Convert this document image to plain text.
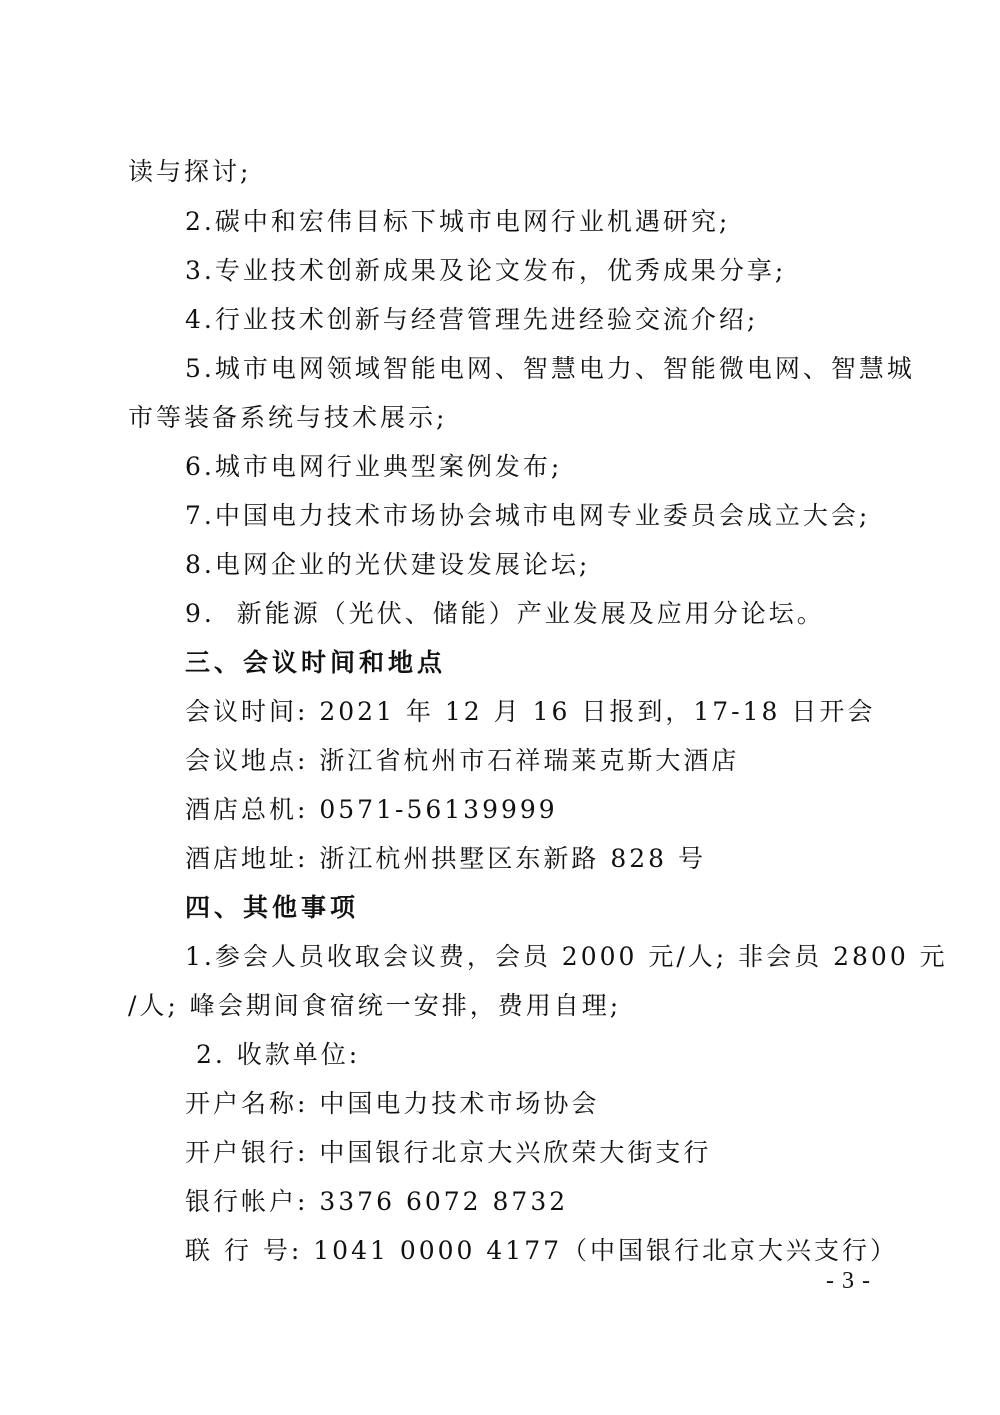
读与探讨;
2.碳中和宏伟目标下城市电网行业机遇研究;
3.专业技术创新成果及论文发布，优秀成果分享;
4.行业技术创新与经营管理先进经验交流介绍;
5.城市电网领域智能电网、智慧电力、智能微电网、智慧城
市等装备系统与技术展示;
6.城市电网行业典型案例发布;
7.中国电力技术市场协会城市电网专业委员会成立大会;
8.电网企业的光伏建设发展论坛;
9.  新能源（光伏、储能）产业发展及应用分论坛。
三、会议时间和地点
会议时间: 2021 年 12 月 16 日报到，17-18 日开会
会议地点: 浙江省杭州市石祥瑞莱克斯大酒店
酒店总机: 0571-56139999
酒店地址: 浙江杭州拱墅区东新路 828 号
四、其他事项
1.参会人员收取会议费，会员 2000 元/人; 非会员 2800 元
/人; 峰会期间食宿统一安排，费用自理;
2. 收款单位:
开户名称: 中国电力技术市场协会
开户银行: 中国银行北京大兴欣荣大街支行
银行帐户: 3376 6072 8732
联 行 号: 1041 0000 4177（中国银行北京大兴支行）
- 3 -
